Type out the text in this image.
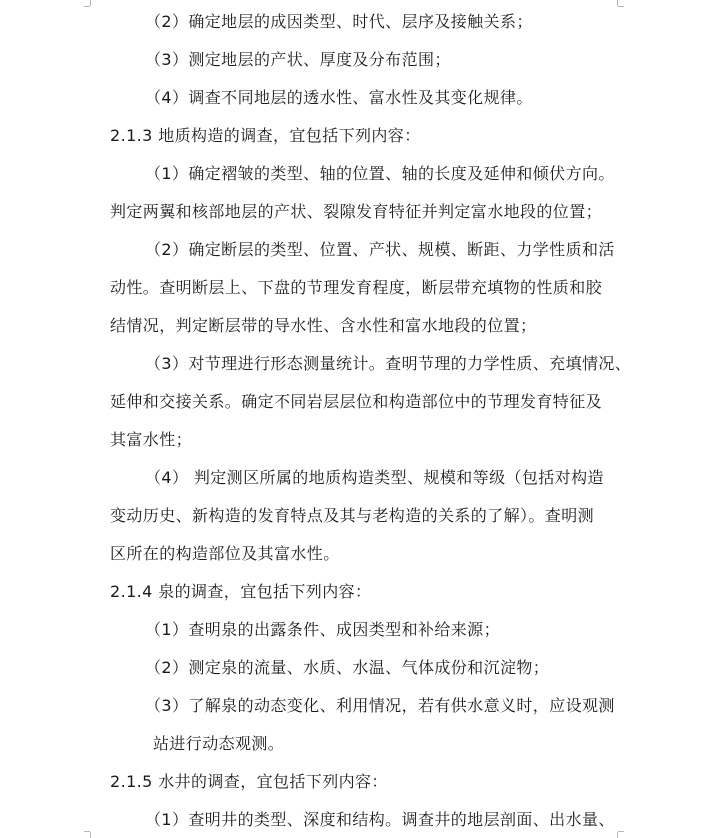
（2）确定地层的成因类型、时代、层序及接触关系；
（3）测定地层的产状、厚度及分布范围；
（4）调查不同地层的透水性、富水性及其变化规律。
2.1.3 地质构造的调查，宜包括下列内容：
（1）确定褶皱的类型、轴的位置、轴的长度及延伸和倾伏方向。
判定两翼和核部地层的产状、裂隙发育特征并判定富水地段的位置；
（2）确定断层的类型、位置、产状、规模、断距、力学性质和活
动性。查明断层上、下盘的节理发育程度，断层带充填物的性质和胶
结情况，判定断层带的导水性、含水性和富水地段的位置；
（3）对节理进行形态测量统计。查明节理的力学性质、充填情况、
延伸和交接关系。确定不同岩层层位和构造部位中的节理发育特征及
其富水性；
（4） 判定测区所属的地质构造类型、规模和等级（包括对构造
变动历史、新构造的发育特点及其与老构造的关系的了解）。查明测
区所在的构造部位及其富水性。
2.1.4 泉的调查，宜包括下列内容：
（1）查明泉的出露条件、成因类型和补给来源；
（2）测定泉的流量、水质、水温、气体成份和沉淀物；
（3）了解泉的动态变化、利用情况，若有供水意义时，应设观测
站进行动态观测。
2.1.5 水井的调查，宜包括下列内容：
（1）查明井的类型、深度和结构。调查井的地层剖面、出水量、
